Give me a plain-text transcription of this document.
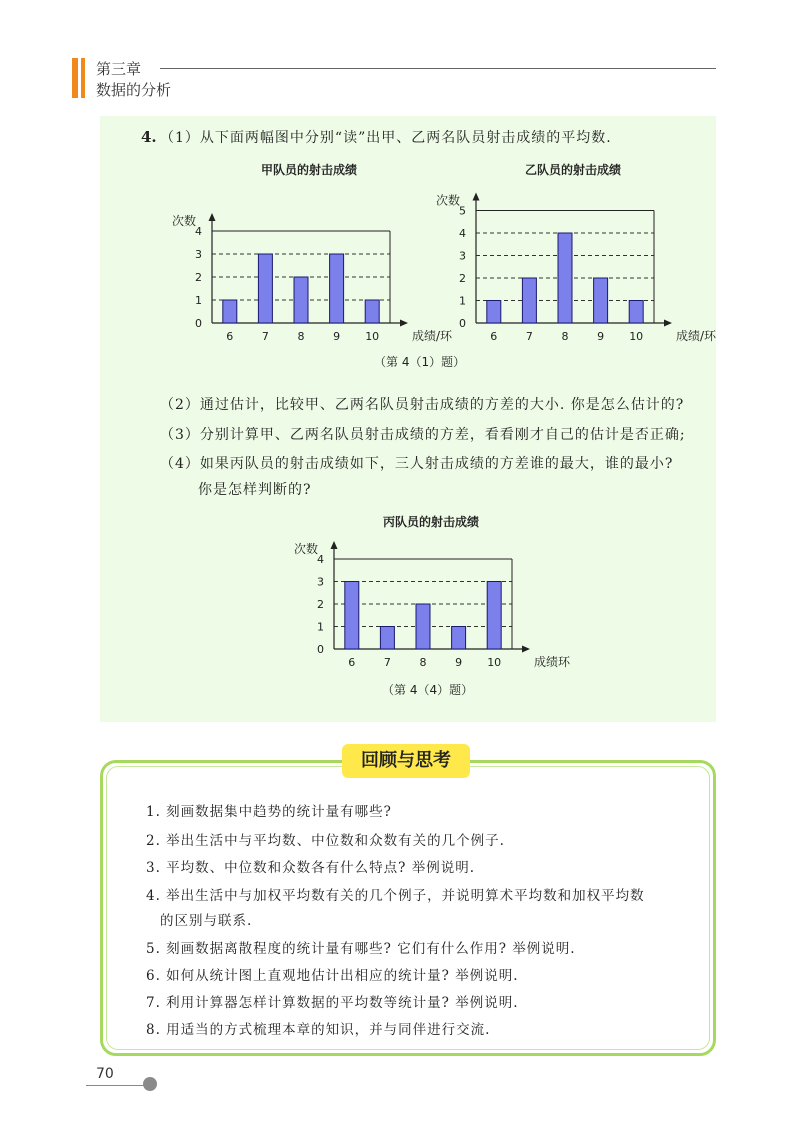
第三章
数据的分析
4. （1）从下面两幅图中分别“读”出甲、乙两名队员射击成绩的平均数.
甲队员的射击成绩
次数
0
1
2
3
4
6	7	8	9 10	成绩/环
乙队员的射击成绩
次数
0
1
2
3
4
5
6	7	8	9 10	成绩/环
（第 4（1）题）
（2）通过估计，比较甲、乙两名队员射击成绩的方差的大小. 你是怎么估计的?
（3）分别计算甲、乙两名队员射击成绩的方差，看看刚才自己的估计是否正确;
（4）如果丙队员的射击成绩如下，三人射击成绩的方差谁的最大，谁的最小?
你是怎样判断的?
丙队员的射击成绩
次数
0
1
2
3
4
6	7	8	9 10	成绩环
（第 4（4）题）
回顾与思考
1. 刻画数据集中趋势的统计量有哪些?
2. 举出生活中与平均数、中位数和众数有关的几个例子.
3. 平均数、中位数和众数各有什么特点? 举例说明.
4. 举出生活中与加权平均数有关的几个例子，并说明算术平均数和加权平均数
的区别与联系.
5. 刻画数据离散程度的统计量有哪些? 它们有什么作用? 举例说明.
6. 如何从统计图上直观地估计出相应的统计量? 举例说明.
7. 利用计算器怎样计算数据的平均数等统计量? 举例说明.
8. 用适当的方式梳理本章的知识，并与同伴进行交流.
70
